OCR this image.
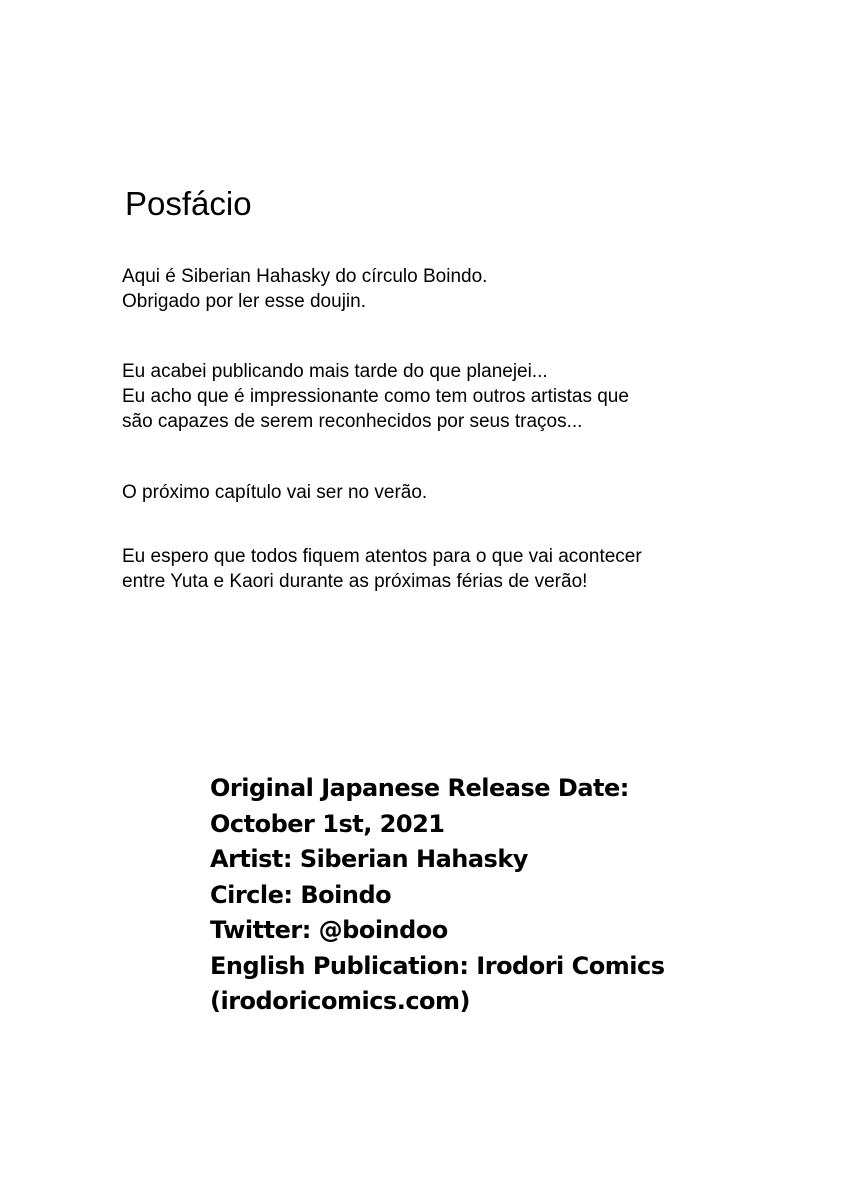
Posfácio

Aqui é Siberian Hahasky do círculo Boindo.
Obrigado por ler esse doujin.

Eu acabei publicando mais tarde do que planejei...
Eu acho que é impressionante como tem outros artistas que
são capazes de serem reconhecidos por seus traços...

O próximo capítulo vai ser no verão.

Eu espero que todos fiquem atentos para o que vai acontecer
entre Yuta e Kaori durante as próximas férias de verão!

Original Japanese Release Date:
October 1st, 2021
Artist: Siberian Hahasky
Circle: Boindo
Twitter: @boindoo
English Publication: Irodori Comics
(irodoricomics.com)
